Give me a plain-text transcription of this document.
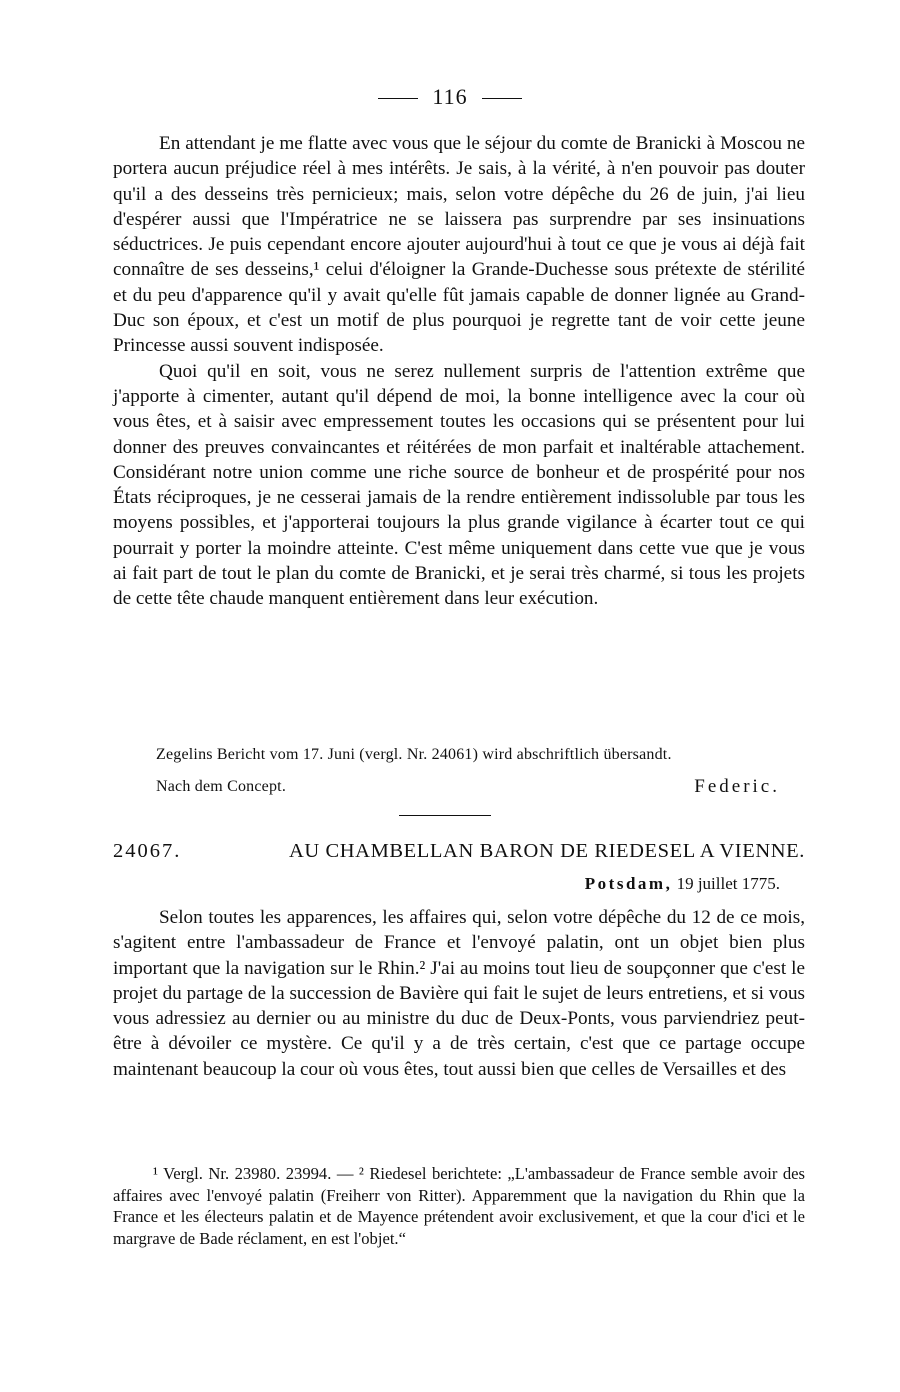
116

En attendant je me flatte avec vous que le séjour du comte de Branicki à Moscou ne portera aucun préjudice réel à mes intérêts. Je sais, à la vérité, à n'en pouvoir pas douter qu'il a des desseins très pernicieux; mais, selon votre dépêche du 26 de juin, j'ai lieu d'espérer aussi que l'Impératrice ne se laissera pas surprendre par ses insinuations séductrices. Je puis cependant encore ajouter aujourd'hui à tout ce que je vous ai déjà fait connaître de ses desseins,¹ celui d'éloigner la Grande-Duchesse sous prétexte de stérilité et du peu d'apparence qu'il y avait qu'elle fût jamais capable de donner lignée au Grand-Duc son époux, et c'est un motif de plus pourquoi je regrette tant de voir cette jeune Princesse aussi souvent indisposée.

Quoi qu'il en soit, vous ne serez nullement surpris de l'attention extrême que j'apporte à cimenter, autant qu'il dépend de moi, la bonne intelligence avec la cour où vous êtes, et à saisir avec empressement toutes les occasions qui se présentent pour lui donner des preuves convaincantes et réitérées de mon parfait et inaltérable attachement. Considérant notre union comme une riche source de bonheur et de prospérité pour nos États réciproques, je ne cesserai jamais de la rendre entièrement indissoluble par tous les moyens possibles, et j'apporterai toujours la plus grande vigilance à écarter tout ce qui pourrait y porter la moindre atteinte. C'est même uniquement dans cette vue que je vous ai fait part de tout le plan du comte de Branicki, et je serai très charmé, si tous les projets de cette tête chaude manquent entièrement dans leur exécution.

Zegelins Bericht vom 17. Juni (vergl. Nr. 24061) wird abschriftlich übersandt.
Nach dem Concept.	Federic.
24067.	AU CHAMBELLAN BARON DE RIEDESEL A VIENNE.
Potsdam, 19 juillet 1775.

Selon toutes les apparences, les affaires qui, selon votre dépêche du 12 de ce mois, s'agitent entre l'ambassadeur de France et l'envoyé palatin, ont un objet bien plus important que la navigation sur le Rhin.² J'ai au moins tout lieu de soupçonner que c'est le projet du partage de la succession de Bavière qui fait le sujet de leurs entretiens, et si vous vous adressiez au dernier ou au ministre du duc de Deux-Ponts, vous parviendriez peut-être à dévoiler ce mystère. Ce qu'il y a de très certain, c'est que ce partage occupe maintenant beaucoup la cour où vous êtes, tout aussi bien que celles de Versailles et des

¹ Vergl. Nr. 23980. 23994. — ² Riedesel berichtete: „L'ambassadeur de France semble avoir des affaires avec l'envoyé palatin (Freiherr von Ritter). Apparemment que la navigation du Rhin que la France et les électeurs palatin et de Mayence prétendent avoir exclusivement, et que la cour d'ici et le margrave de Bade réclament, en est l'objet.“
